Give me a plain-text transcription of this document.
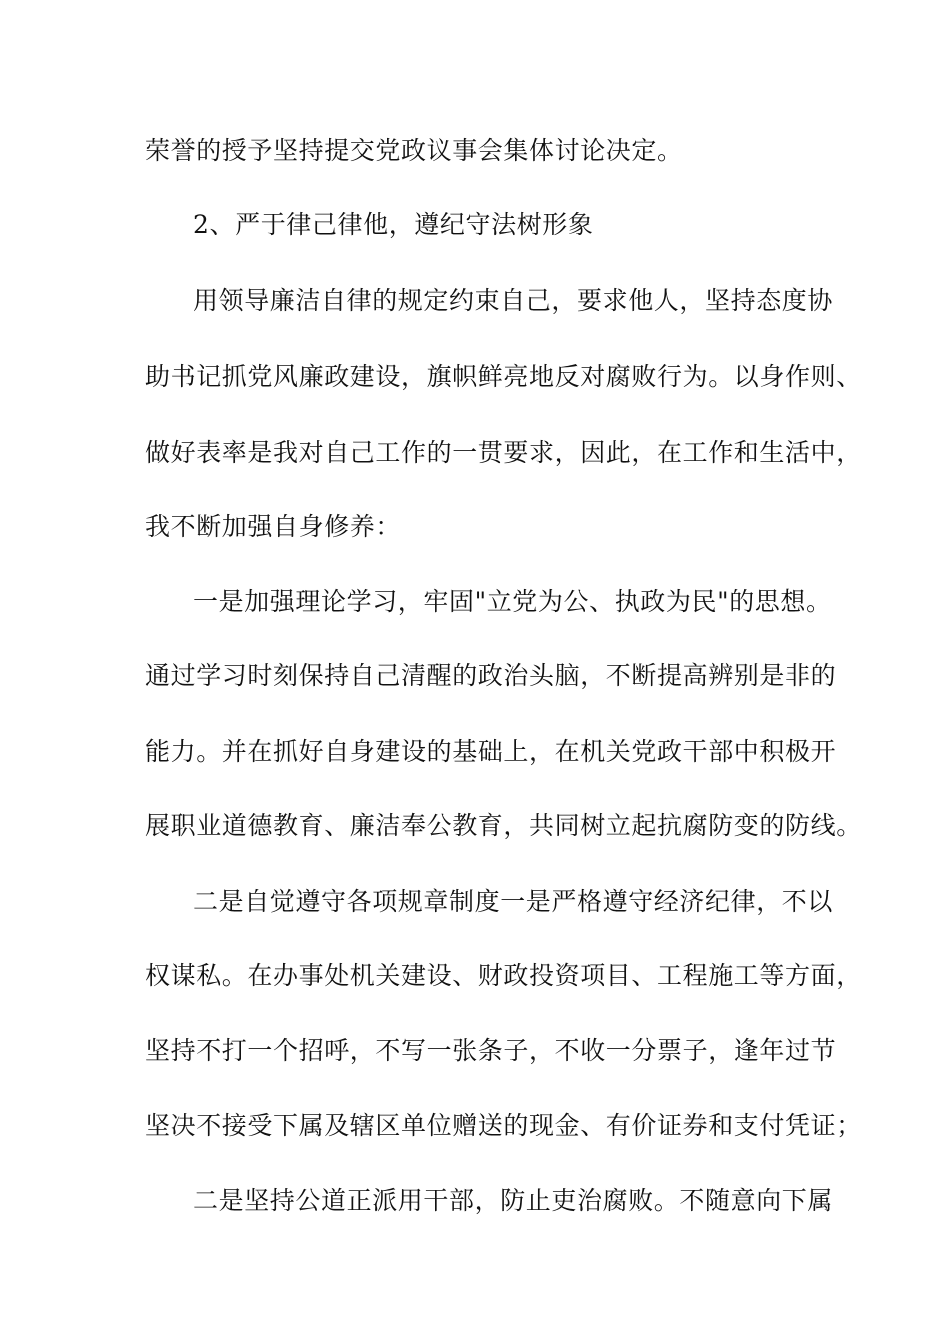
荣誉的授予坚持提交党政议事会集体讨论决定。
2、严于律己律他，遵纪守法树形象
用领导廉洁自律的规定约束自己，要求他人，坚持态度协
助书记抓党风廉政建设，旗帜鲜亮地反对腐败行为。以身作则、
做好表率是我对自己工作的一贯要求，因此，在工作和生活中，
我不断加强自身修养：
一是加强理论学习，牢固"立党为公、执政为民"的思想。
通过学习时刻保持自己清醒的政治头脑，不断提高辨别是非的
能力。并在抓好自身建设的基础上，在机关党政干部中积极开
展职业道德教育、廉洁奉公教育，共同树立起抗腐防变的防线。
二是自觉遵守各项规章制度一是严格遵守经济纪律，不以
权谋私。在办事处机关建设、财政投资项目、工程施工等方面，
坚持不打一个招呼，不写一张条子，不收一分票子，逢年过节
坚决不接受下属及辖区单位赠送的现金、有价证券和支付凭证；
二是坚持公道正派用干部，防止吏治腐败。不随意向下属
